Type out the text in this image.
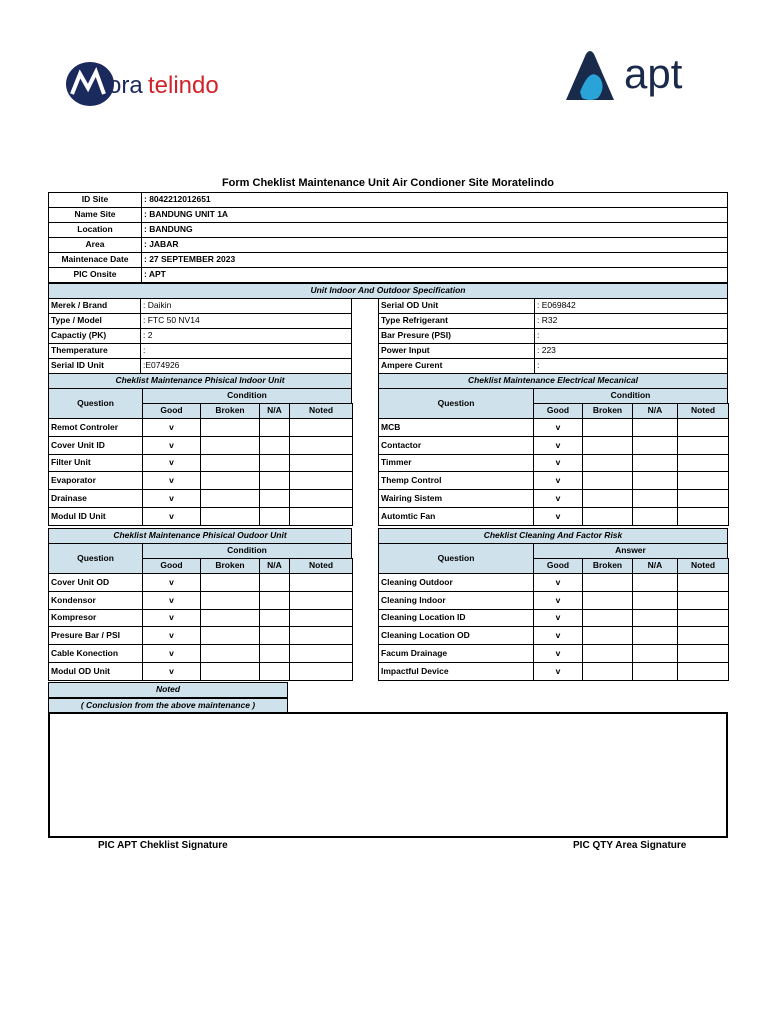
ora telindo	apt
Form Cheklist Maintenance Unit Air Condioner Site Moratelindo
ID Site	: 8042212012651
Name Site	: BANDUNG UNIT 1A
Location	: BANDUNG
Area	: JABAR
Maintenace Date	: 27 SEPTEMBER 2023
PIC Onsite	: APT
Unit Indoor And Outdoor Specification
Merek / Brand	: Daikin
Type / Model	: FTC 50 NV14
Capactiy (PK)	: 2
Themperature	:
Serial ID Unit	:E074926
Serial OD Unit	: E069842
Type Refrigerant	: R32
Bar Presure (PSI)	:
Power Input	: 223
Ampere Curent	:
Cheklist Maintenance Phisical Indoor Unit
Question
Condition
Good	Broken	N/A	Noted
Remot Controler	v
Cover Unit ID	v
Filter Unit	v
Evaporator	v
Drainase	v
Modul ID Unit	v
Cheklist Maintenance Electrical Mecanical
Question
Condition
Good	Broken	N/A	Noted
MCB	v
Contactor	v
Timmer	v
Themp Control	v
Wairing Sistem	v
Automtic Fan	v
Cheklist Maintenance Phisical Oudoor Unit
Question
Condition
Good	Broken	N/A	Noted
Cover Unit OD	v
Kondensor	v
Kompresor	v
Presure Bar / PSI	v
Cable Konection	v
Modul OD Unit	v
Cheklist Cleaning And Factor Risk
Question
Answer
Good	Broken	N/A	Noted
Cleaning Outdoor	v
Cleaning Indoor	v
Cleaning Location ID	v
Cleaning Location OD	v
Facum Drainage	v
Impactful Device	v
Noted
( Conclusion from the above maintenance )
PIC APT Cheklist Signature	PIC QTY Area Signature
